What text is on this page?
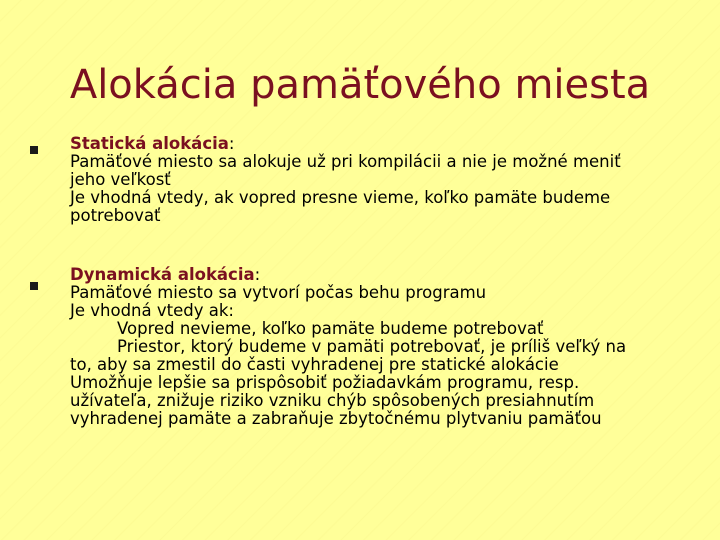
Alokácia pamäťového miesta
Statická alokácia:
Pamäťové miesto sa alokuje už pri kompilácii a nie je možné meniť
jeho veľkosť
Je vhodná vtedy, ak vopred presne vieme, koľko pamäte budeme
potrebovať
Dynamická alokácia:
Pamäťové miesto sa vytvorí počas behu programu
Je vhodná vtedy ak:
Vopred nevieme, koľko pamäte budeme potrebovať
Priestor, ktorý budeme v pamäti potrebovať, je príliš veľký na
to, aby sa zmestil do časti vyhradenej pre statické alokácie
Umožňuje lepšie sa prispôsobiť požiadavkám programu, resp.
užívateľa, znižuje riziko vzniku chýb spôsobených presiahnutím
vyhradenej pamäte a zabraňuje zbytočnému plytvaniu pamäťou
